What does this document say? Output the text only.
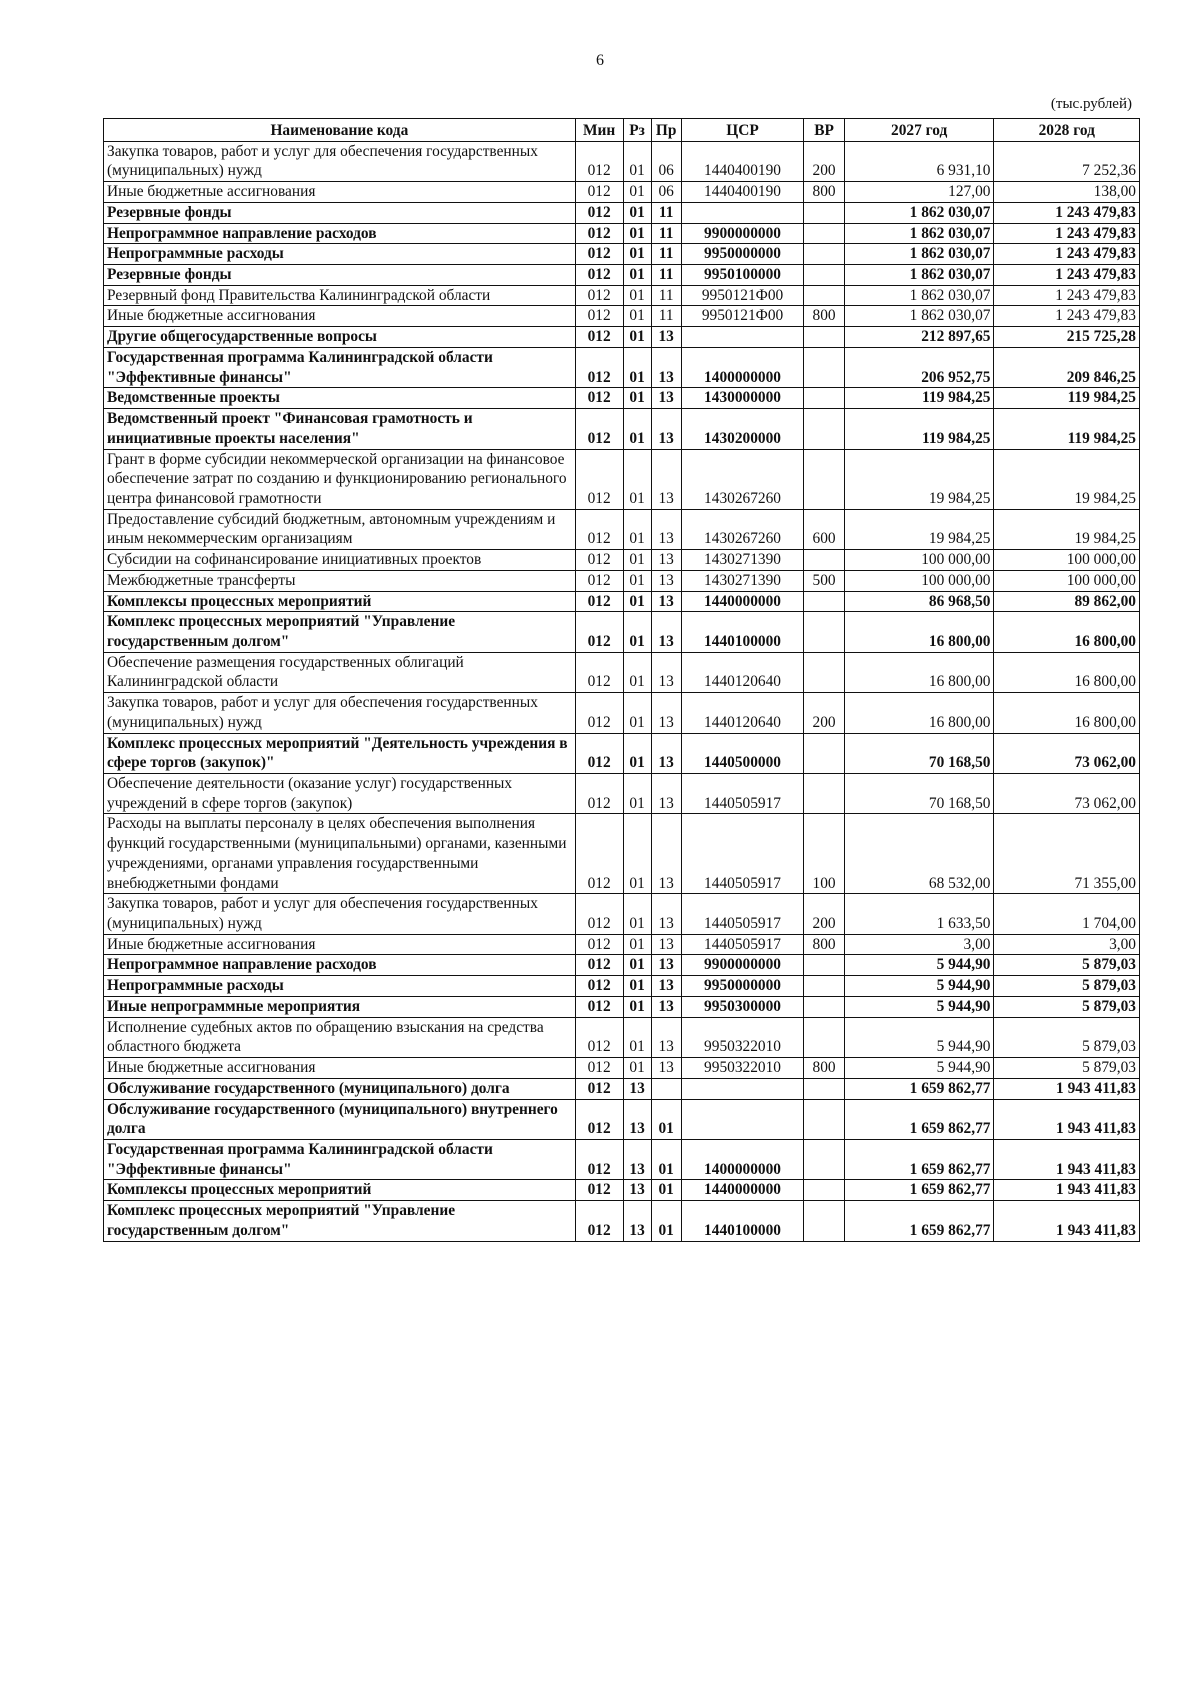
6
(тыс.рублей)
Наименование кода	Мин	Рз	Пр	ЦСР	ВР	2027 год	2028 год
Закупка товаров, работ и услуг для обеспечения государственных (муниципальных) нужд	012	01	06	1440400190	200	6 931,10	7 252,36
Иные бюджетные ассигнования	012	01	06	1440400190	800	127,00	138,00
Резервные фонды	012	01	11			1 862 030,07	1 243 479,83
Непрограммное направление расходов	012	01	11	9900000000		1 862 030,07	1 243 479,83
Непрограммные расходы	012	01	11	9950000000		1 862 030,07	1 243 479,83
Резервные фонды	012	01	11	9950100000		1 862 030,07	1 243 479,83
Резервный фонд Правительства Калининградской области	012	01	11	9950121Ф00		1 862 030,07	1 243 479,83
Иные бюджетные ассигнования	012	01	11	9950121Ф00	800	1 862 030,07	1 243 479,83
Другие общегосударственные вопросы	012	01	13			212 897,65	215 725,28
Государственная программа Калининградской области "Эффективные финансы"	012	01	13	1400000000		206 952,75	209 846,25
Ведомственные проекты	012	01	13	1430000000		119 984,25	119 984,25
Ведомственный проект "Финансовая грамотность и инициативные проекты населения"	012	01	13	1430200000		119 984,25	119 984,25
Грант в форме субсидии некоммерческой организации на финансовое обеспечение затрат по созданию и функционированию регионального центра финансовой грамотности	012	01	13	1430267260		19 984,25	19 984,25
Предоставление субсидий бюджетным, автономным учреждениям и иным некоммерческим организациям	012	01	13	1430267260	600	19 984,25	19 984,25
Субсидии на софинансирование инициативных проектов	012	01	13	1430271390		100 000,00	100 000,00
Межбюджетные трансферты	012	01	13	1430271390	500	100 000,00	100 000,00
Комплексы процессных мероприятий	012	01	13	1440000000		86 968,50	89 862,00
Комплекс процессных мероприятий "Управление государственным долгом"	012	01	13	1440100000		16 800,00	16 800,00
Обеспечение размещения государственных облигаций Калининградской области	012	01	13	1440120640		16 800,00	16 800,00
Закупка товаров, работ и услуг для обеспечения государственных (муниципальных) нужд	012	01	13	1440120640	200	16 800,00	16 800,00
Комплекс процессных мероприятий "Деятельность учреждения в сфере торгов (закупок)"	012	01	13	1440500000		70 168,50	73 062,00
Обеспечение деятельности (оказание услуг) государственных учреждений в сфере торгов (закупок)	012	01	13	1440505917		70 168,50	73 062,00
Расходы на выплаты персоналу в целях обеспечения выполнения функций государственными (муниципальными) органами, казенными учреждениями, органами управления государственными внебюджетными фондами	012	01	13	1440505917	100	68 532,00	71 355,00
Закупка товаров, работ и услуг для обеспечения государственных (муниципальных) нужд	012	01	13	1440505917	200	1 633,50	1 704,00
Иные бюджетные ассигнования	012	01	13	1440505917	800	3,00	3,00
Непрограммное направление расходов	012	01	13	9900000000		5 944,90	5 879,03
Непрограммные расходы	012	01	13	9950000000		5 944,90	5 879,03
Иные непрограммные мероприятия	012	01	13	9950300000		5 944,90	5 879,03
Исполнение судебных актов по обращению взыскания на средства областного бюджета	012	01	13	9950322010		5 944,90	5 879,03
Иные бюджетные ассигнования	012	01	13	9950322010	800	5 944,90	5 879,03
Обслуживание государственного (муниципального) долга	012	13				1 659 862,77	1 943 411,83
Обслуживание государственного (муниципального) внутреннего долга	012	13	01			1 659 862,77	1 943 411,83
Государственная программа Калининградской области "Эффективные финансы"	012	13	01	1400000000		1 659 862,77	1 943 411,83
Комплексы процессных мероприятий	012	13	01	1440000000		1 659 862,77	1 943 411,83
Комплекс процессных мероприятий "Управление государственным долгом"	012	13	01	1440100000		1 659 862,77	1 943 411,83
